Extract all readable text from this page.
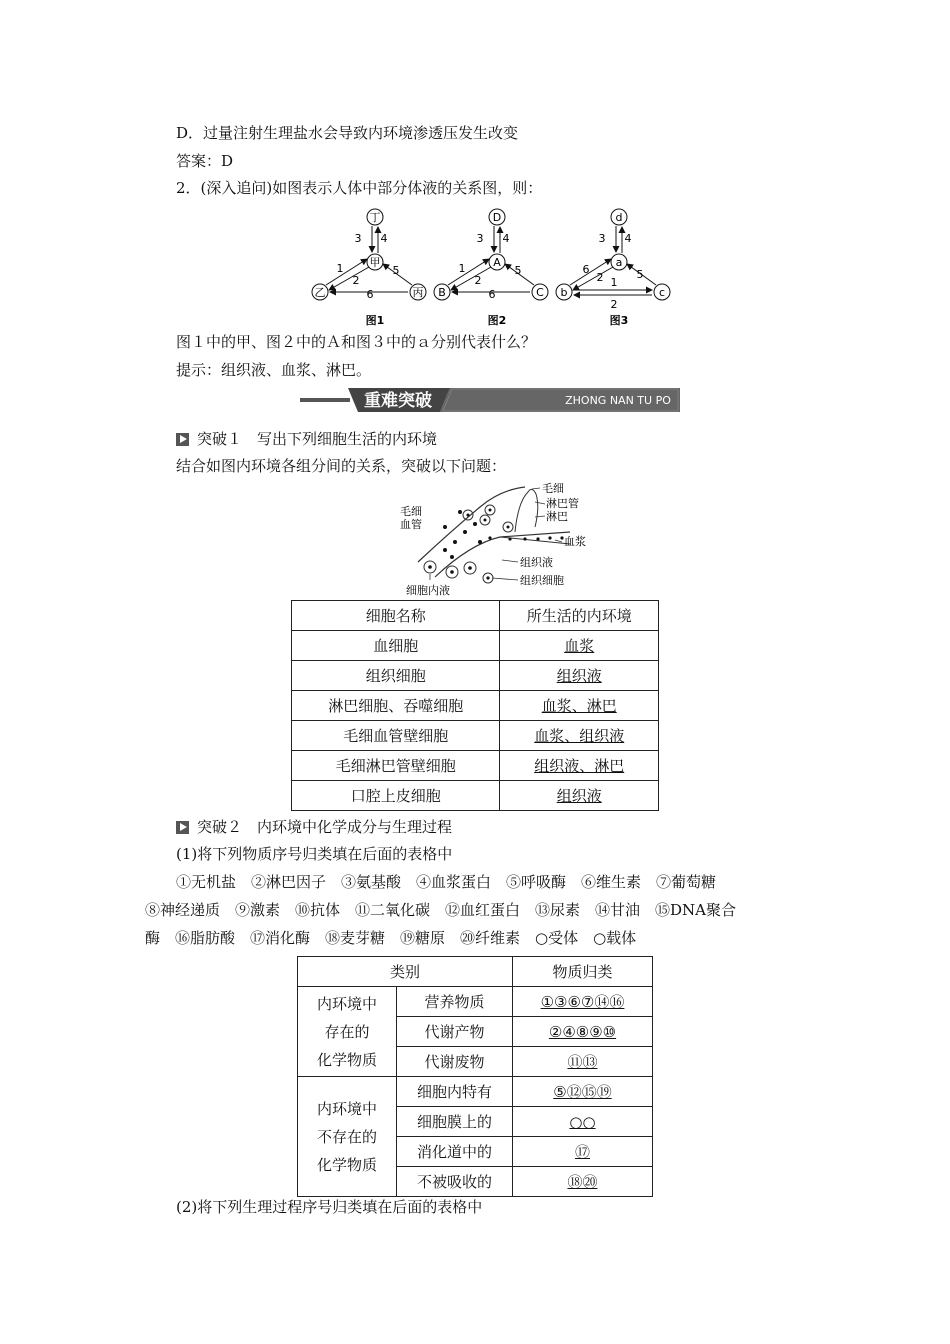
D．过量注射生理盐水会导致内环境渗透压发生改变
答案：D
2．(深入追问)如图表示人体中部分体液的关系图，则：
丁
甲
乙	丙
1
2
3 4
5
6
图1
D
A
B	C
1
2
3 4
5
6
图2
d
a
b	c
5
3 4
6
2 1
2
图3
图１中的甲、图２中的Ａ和图３中的ａ分别代表什么？
提示：组织液、血浆、淋巴。
重难突破	ZHONG NAN TU PO
突破１　写出下列细胞生活的内环境
结合如图内环境各组分间的关系，突破以下问题：
毛细
血管
毛细
淋巴管
淋巴
血浆
组织液
组织细胞
细胞内液
细胞名称	所生活的内环境
血细胞	血浆
组织细胞	组织液
淋巴细胞、吞噬细胞	血浆、淋巴
毛细血管壁细胞	血浆、组织液
毛细淋巴管壁细胞	组织液、淋巴
口腔上皮细胞	组织液
突破２　内环境中化学成分与生理过程
(1)将下列物质序号归类填在后面的表格中
①无机盐　②淋巴因子　③氨基酸　④血浆蛋白　⑤呼吸酶　⑥维生素　⑦葡萄糖
⑧神经递质　⑨激素　⑩抗体　⑪二氧化碳　⑫血红蛋白　⑬尿素　⑭甘油　⑮DNA聚合
酶　⑯脂肪酸　⑰消化酶　⑱麦芽糖　⑲糖原　⑳纤维素　○受体　○载体
类别		物质归类
内环境中
存在的
化学物质	营养物质	①③⑥⑦⑭⑯
	代谢产物	②④⑧⑨⑩
	代谢废物	⑪⑬
内环境中
不存在的
化学物质	细胞内特有	⑤⑫⑮⑲
	细胞膜上的	○○
	消化道中的	⑰
	不被吸收的	⑱⑳
(2)将下列生理过程序号归类填在后面的表格中
